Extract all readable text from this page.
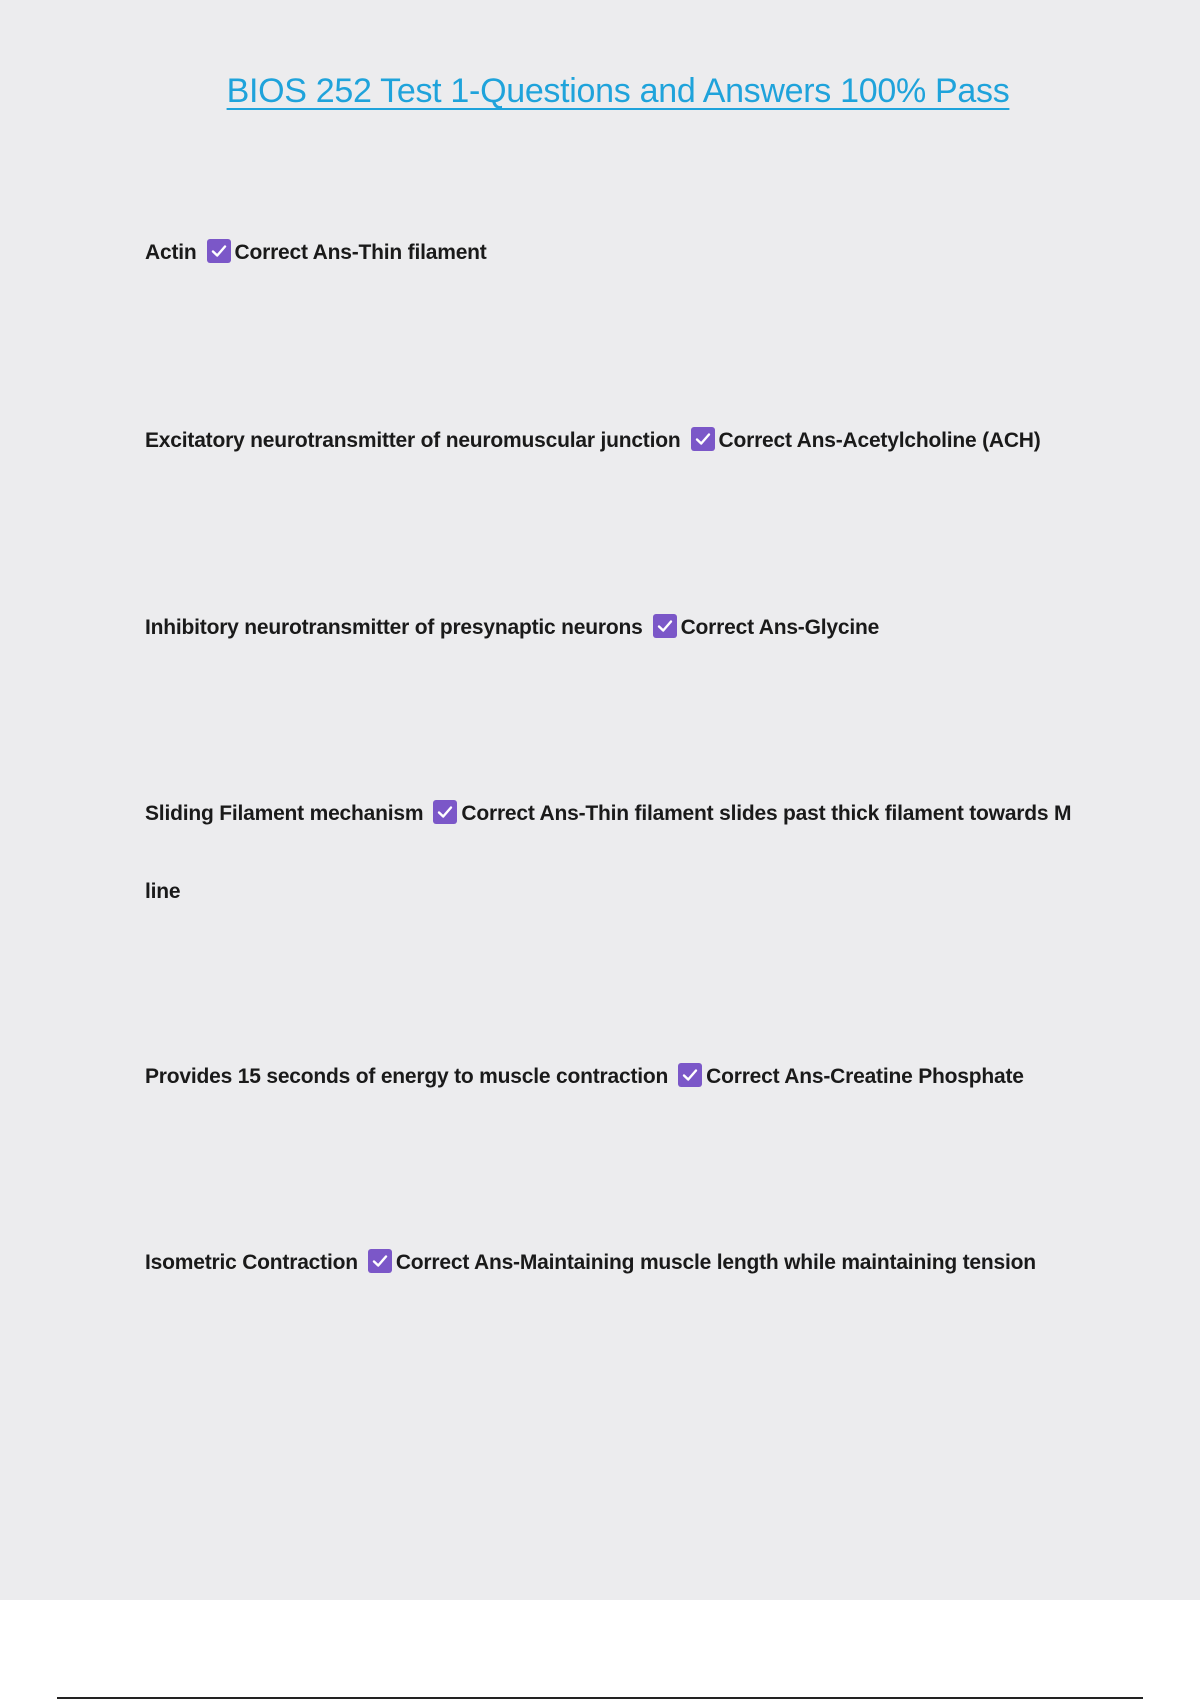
BIOS 252 Test 1-Questions and Answers 100% Pass
Actin Correct Ans-Thin filament
Excitatory neurotransmitter of neuromuscular junction Correct Ans-Acetylcholine (ACH)
Inhibitory neurotransmitter of presynaptic neurons Correct Ans-Glycine
Sliding Filament mechanism Correct Ans-Thin filament slides past thick filament towards M line
Provides 15 seconds of energy to muscle contraction Correct Ans-Creatine Phosphate
Isometric Contraction Correct Ans-Maintaining muscle length while maintaining tension
